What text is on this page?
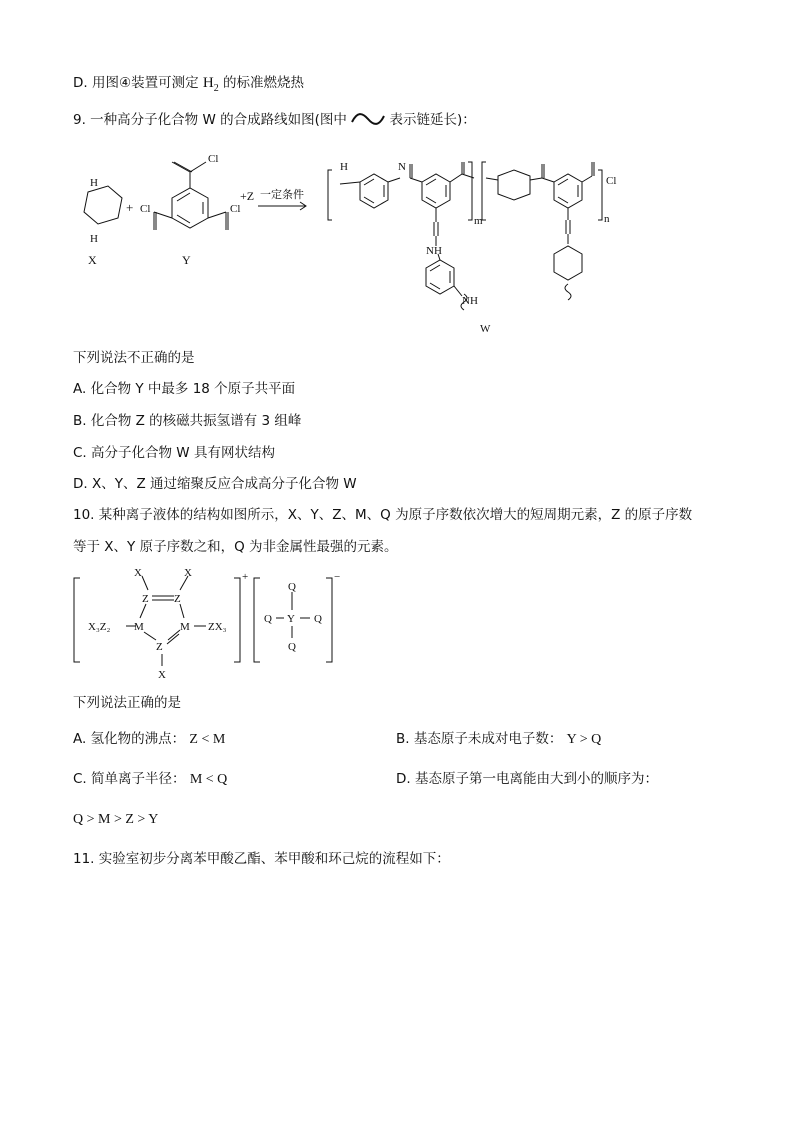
D. 用图④装置可测定 $H_2$ 的标准燃烧热
9. 一种高分子化合物 W 的合成路线如图(图中	表示链延长)：
H
H
+ Cl
Cl
Cl
+Z 一定条件
X	Y
H	N
NH
NH
m
Cl
n
W
下列说法不正确的是
A. 化合物 Y 中最多 18 个原子共平面
B. 化合物 Z 的核磁共振氢谱有 3 组峰
C. 高分子化合物 W 具有网状结构
D. X、Y、Z 通过缩聚反应合成高分子化合物 W
10. 某种离子液体的结构如图所示，X、Y、Z、M、Q 为原子序数依次增大的短周期元素，Z 的原子序数
等于 X、Y 原子序数之和，Q 为非金属性最强的元素。
X	X
Z Z
X₃Z₂ M	M ZX₃
Z
X
+
Q
Q Y Q
Q
−
下列说法正确的是
A. 氢化物的沸点： Z < M	B. 基态原子未成对电子数： Y > Q
C. 简单离子半径： M < Q	D. 基态原子第一电离能由大到小的顺序为：
Q > M > Z > Y
11. 实验室初步分离苯甲酸乙酯、苯甲酸和环己烷的流程如下：
